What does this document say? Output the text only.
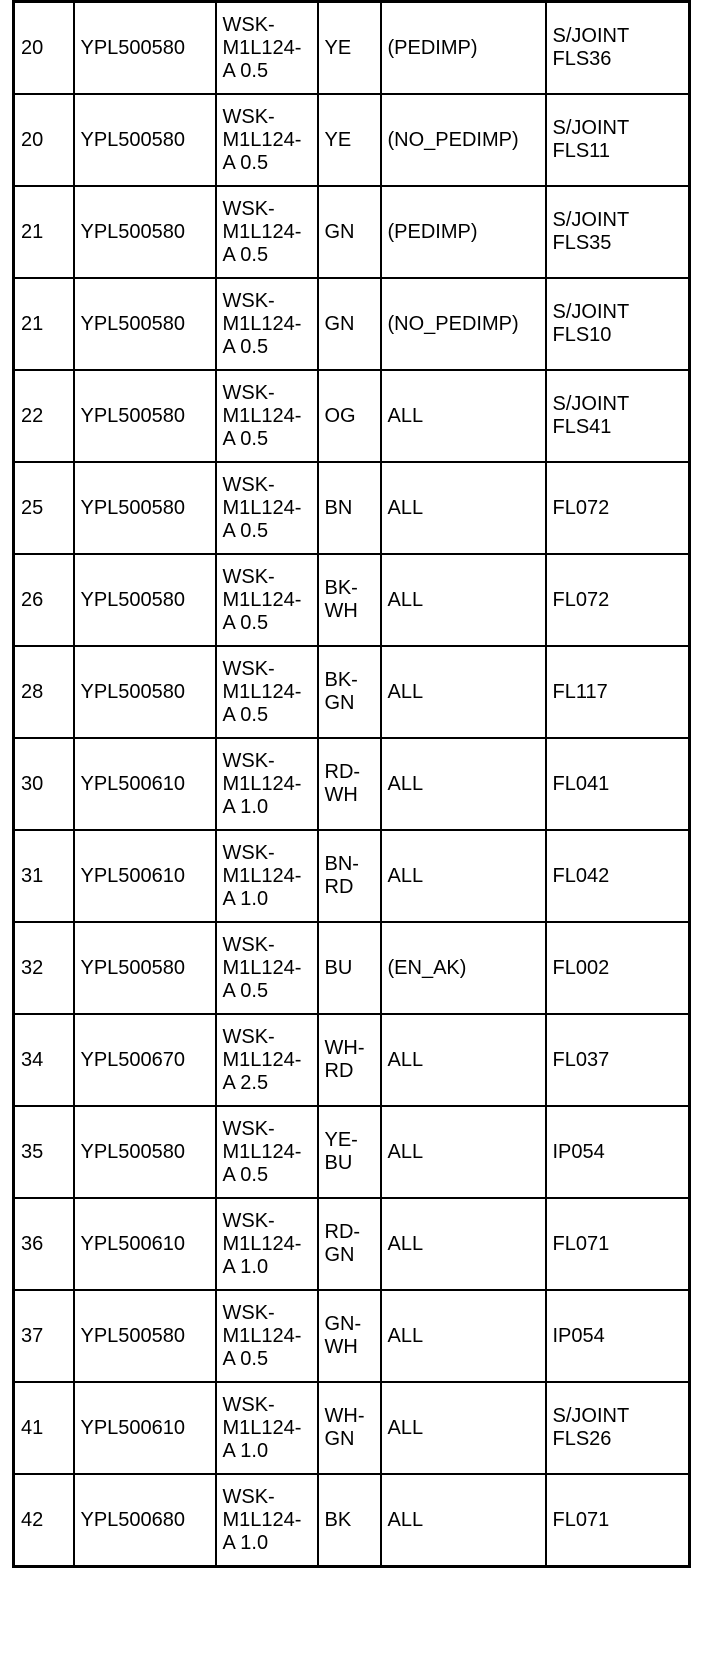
20	YPL500580	WSK-
M1L124-
A 0.5	YE	(PEDIMP)	S/JOINT
FLS36
20	YPL500580	WSK-
M1L124-
A 0.5	YE	(NO_PEDIMP)	S/JOINT
FLS11
21	YPL500580	WSK-
M1L124-
A 0.5	GN	(PEDIMP)	S/JOINT
FLS35
21	YPL500580	WSK-
M1L124-
A 0.5	GN	(NO_PEDIMP)	S/JOINT
FLS10
22	YPL500580	WSK-
M1L124-
A 0.5	OG	ALL	S/JOINT
FLS41
25	YPL500580	WSK-
M1L124-
A 0.5	BN	ALL	FL072
26	YPL500580	WSK-
M1L124-
A 0.5	BK-
WH	ALL	FL072
28	YPL500580	WSK-
M1L124-
A 0.5	BK-
GN	ALL	FL117
30	YPL500610	WSK-
M1L124-
A 1.0	RD-
WH	ALL	FL041
31	YPL500610	WSK-
M1L124-
A 1.0	BN-
RD	ALL	FL042
32	YPL500580	WSK-
M1L124-
A 0.5	BU	(EN_AK)	FL002
34	YPL500670	WSK-
M1L124-
A 2.5	WH-
RD	ALL	FL037
35	YPL500580	WSK-
M1L124-
A 0.5	YE-
BU	ALL	IP054
36	YPL500610	WSK-
M1L124-
A 1.0	RD-
GN	ALL	FL071
37	YPL500580	WSK-
M1L124-
A 0.5	GN-
WH	ALL	IP054
41	YPL500610	WSK-
M1L124-
A 1.0	WH-
GN	ALL	S/JOINT
FLS26
42	YPL500680	WSK-
M1L124-
A 1.0	BK	ALL	FL071
